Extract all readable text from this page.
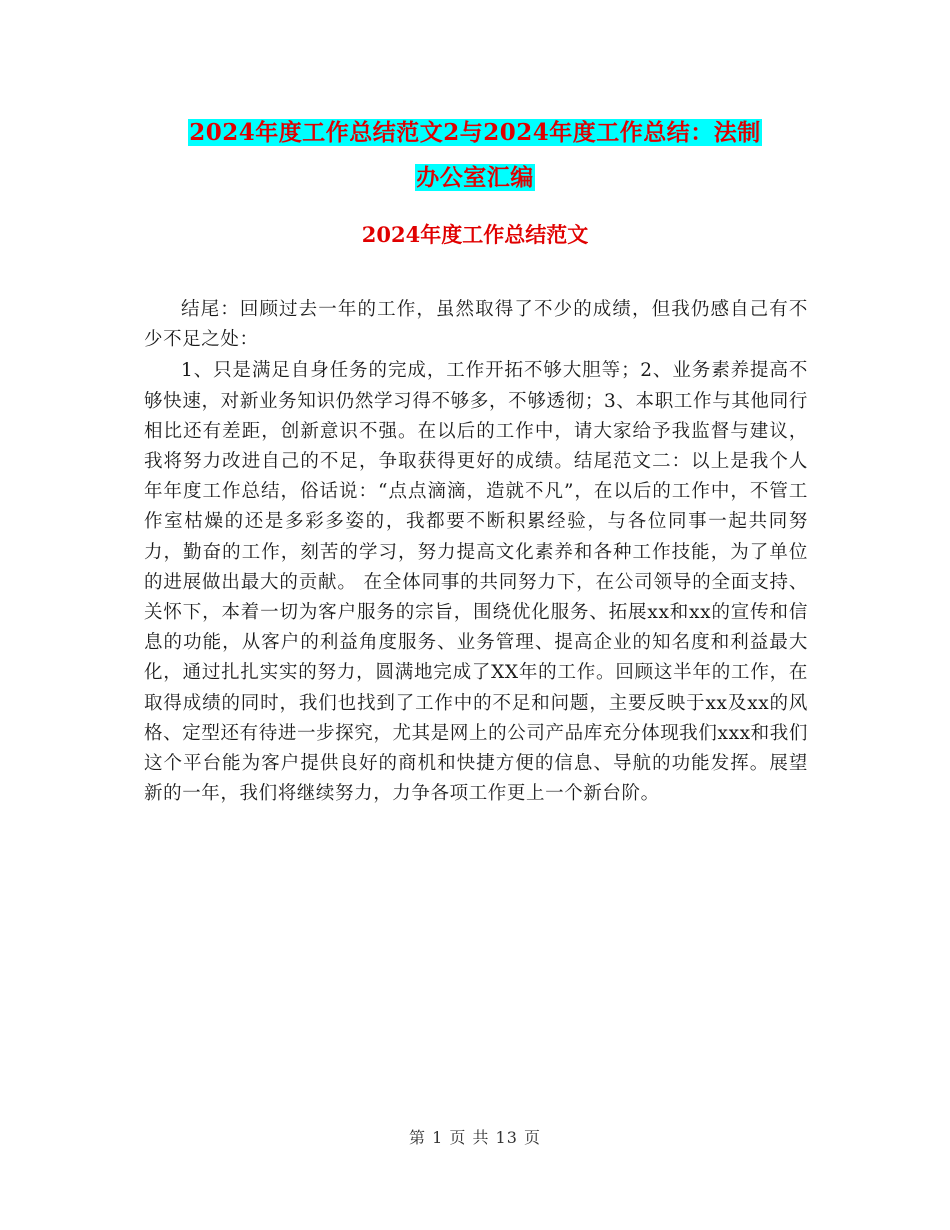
2024年度工作总结范文2与2024年度工作总结：法制
办公室汇编
2024年度工作总结范文

结尾：回顾过去一年的工作，虽然取得了不少的成绩，但我仍感自己有不少不足之处：

1、只是满足自身任务的完成，工作开拓不够大胆等；2、业务素养提高不够快速，对新业务知识仍然学习得不够多，不够透彻；3、本职工作与其他同行相比还有差距，创新意识不强。在以后的工作中，请大家给予我监督与建议，我将努力改进自己的不足，争取获得更好的成绩。结尾范文二：以上是我个人 年年度工作总结，俗话说：“点点滴滴，造就不凡”，在以后的工作中，不管工作室枯燥的还是多彩多姿的，我都要不断积累经验，与各位同事一起共同努力，勤奋的工作，刻苦的学习，努力提高文化素养和各种工作技能，为了单位的进展做出最大的贡献。 在全体同事的共同努力下，在公司领导的全面支持、关怀下，本着一切为客户服务的宗旨，围绕优化服务、拓展xx和xx的宣传和信息的功能，从客户的利益角度服务、业务管理、提高企业的知名度和利益最大化，通过扎扎实实的努力，圆满地完成了XX年的工作。回顾这半年的工作，在取得成绩的同时，我们也找到了工作中的不足和问题，主要反映于xx及xx的风格、定型还有待进一步探究，尤其是网上的公司产品库充分体现我们xxx和我们这个平台能为客户提供良好的商机和快捷方便的信息、导航的功能发挥。展望新的一年，我们将继续努力，力争各项工作更上一个新台阶。

第 1 页 共 13 页
